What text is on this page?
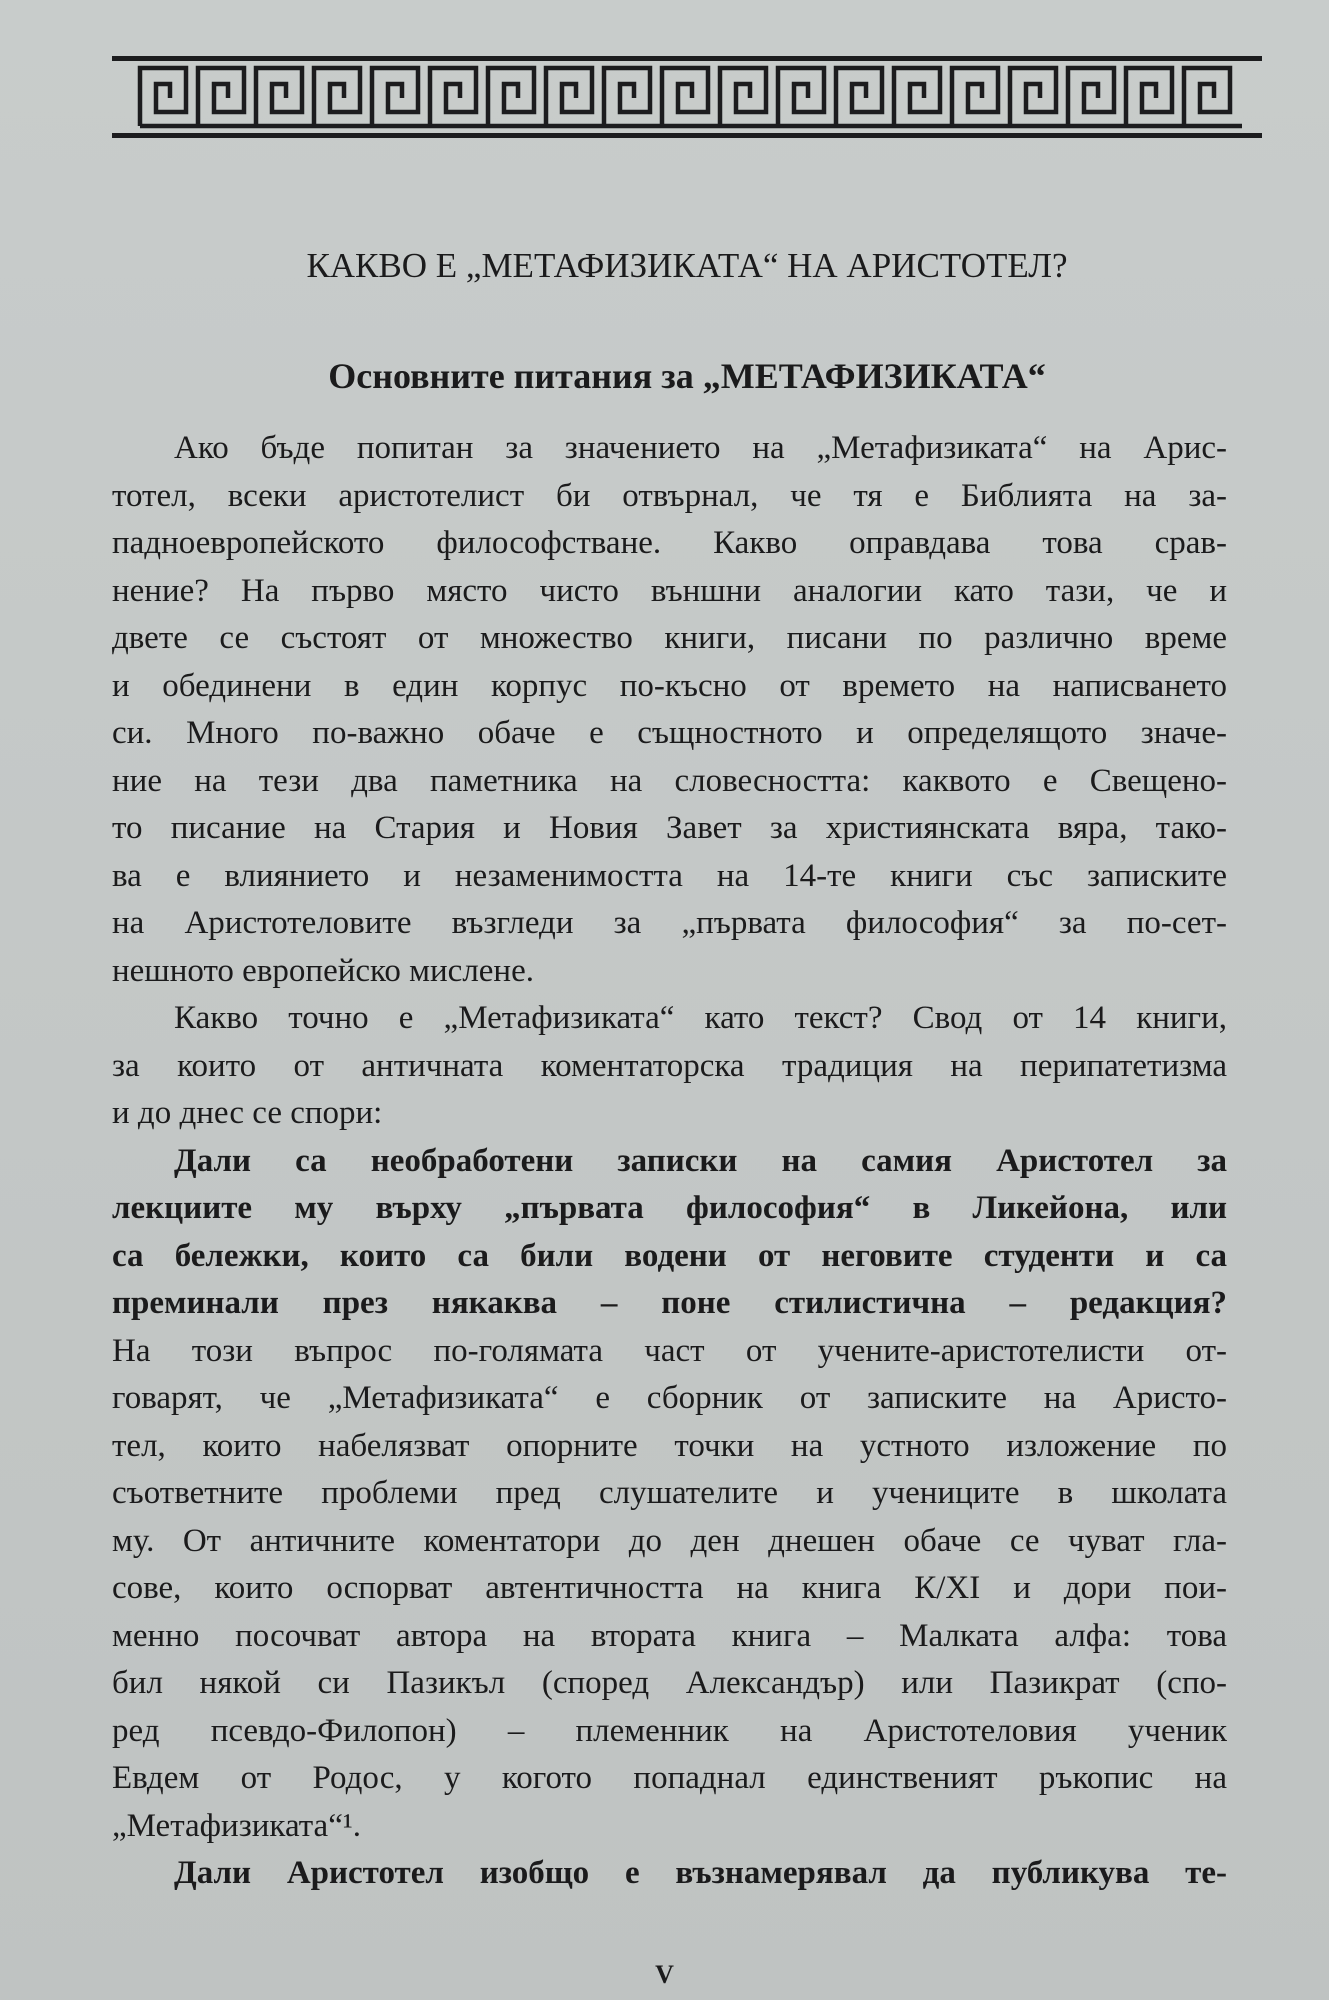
КАКВО Е „МЕТАФИЗИКАТА“ НА АРИСТОТЕЛ?
Основните питания за „МЕТАФИЗИКАТА“
Ако бъде попитан за значението на „Метафизиката“ на Арис-
тотел, всеки аристотелист би отвърнал, че тя е Библията на за-
падноевропейското философстване. Какво оправдава това срав-
нение? На първо място чисто външни аналогии като тази, че и
двете се състоят от множество книги, писани по различно време
и обединени в един корпус по-късно от времето на написването
си. Много по-важно обаче е същностното и определящото значе-
ние на тези два паметника на словесността: каквото е Свещено-
то писание на Стария и Новия Завет за християнската вяра, тако-
ва е влиянието и незаменимостта на 14-те книги със записките
на Аристотеловите възгледи за „първата философия“ за по-сет-
нешното европейско мислене.
Какво точно е „Метафизиката“ като текст? Свод от 14 книги,
за които от античната коментаторска традиция на перипатетизма
и до днес се спори:
Дали са необработени записки на самия Аристотел за
лекциите му върху „първата философия“ в Ликейона, или
са бележки, които са били водени от неговите студенти и са
преминали през някаква – поне стилистична – редакция?
На този въпрос по-голямата част от учените-аристотелисти от-
говарят, че „Метафизиката“ е сборник от записките на Аристо-
тел, които набелязват опорните точки на устното изложение по
съответните проблеми пред слушателите и учениците в школата
му. От античните коментатори до ден днешен обаче се чуват гла-
сове, които оспорват автентичността на книга К/XI и дори пои-
менно посочват автора на втората книга – Малката алфа: това
бил някой си Пазикъл (според Александър) или Пазикрат (спо-
ред псевдо-Филопон) – племенник на Аристотеловия ученик
Евдем от Родос, у когото попаднал единственият ръкопис на
„Метафизиката“¹.
Дали Аристотел изобщо е възнамерявал да публикува те-
V
